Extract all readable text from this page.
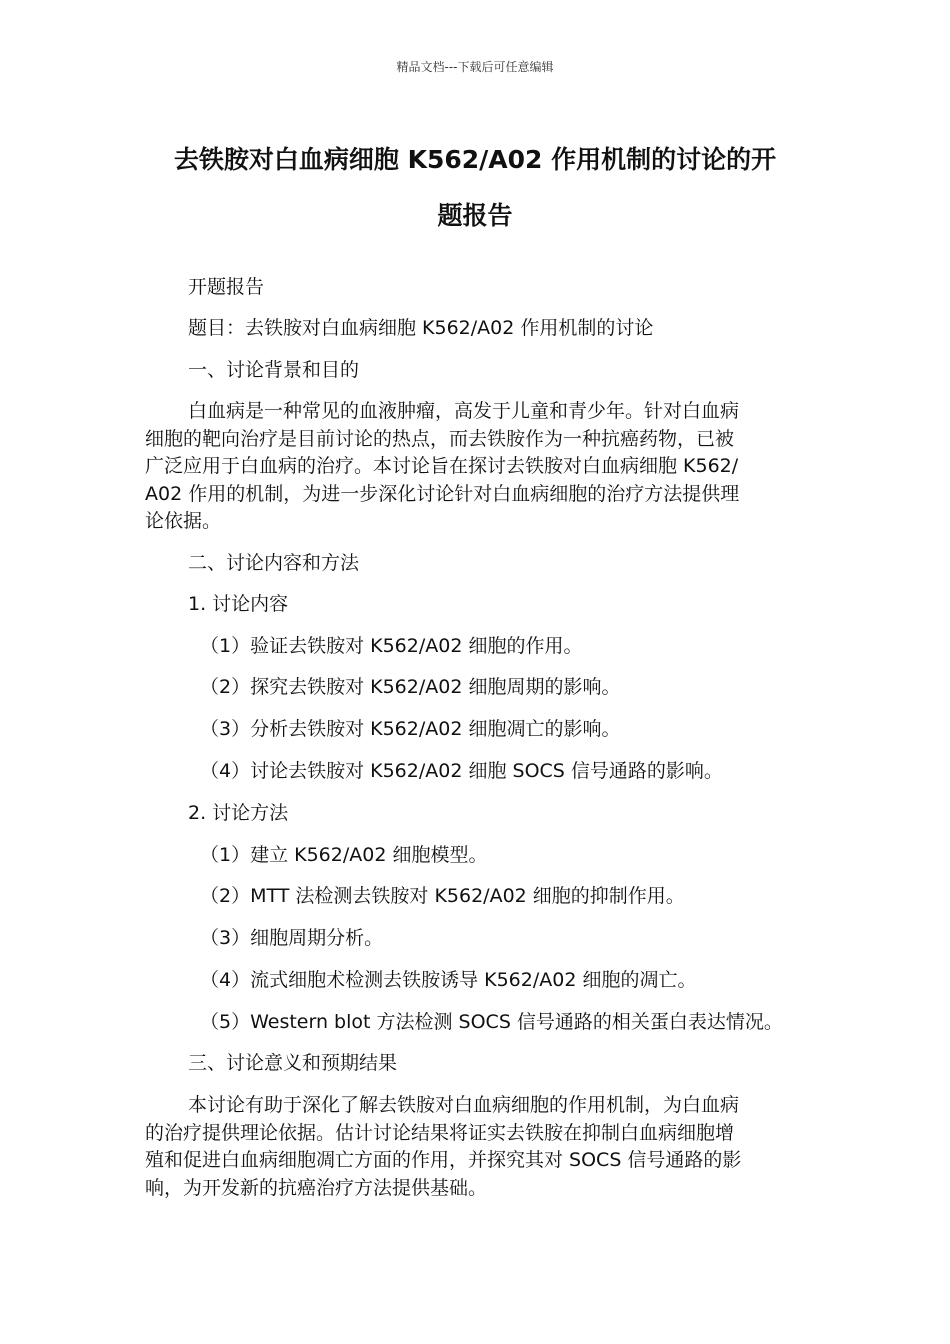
精品文档---下载后可任意编辑
去铁胺对白血病细胞 K562/A02 作用机制的讨论的开
题报告
开题报告
题目：去铁胺对白血病细胞 K562/A02 作用机制的讨论
一、讨论背景和目的
白血病是一种常见的血液肿瘤，高发于儿童和青少年。针对白血病
细胞的靶向治疗是目前讨论的热点，而去铁胺作为一种抗癌药物，已被
广泛应用于白血病的治疗。本讨论旨在探讨去铁胺对白血病细胞 K562/
A02 作用的机制，为进一步深化讨论针对白血病细胞的治疗方法提供理
论依据。
二、讨论内容和方法
1. 讨论内容
（1）验证去铁胺对 K562/A02 细胞的作用。
（2）探究去铁胺对 K562/A02 细胞周期的影响。
（3）分析去铁胺对 K562/A02 细胞凋亡的影响。
（4）讨论去铁胺对 K562/A02 细胞 SOCS 信号通路的影响。
2. 讨论方法
（1）建立 K562/A02 细胞模型。
（2）MTT 法检测去铁胺对 K562/A02 细胞的抑制作用。
（3）细胞周期分析。
（4）流式细胞术检测去铁胺诱导 K562/A02 细胞的凋亡。
（5）Western blot 方法检测 SOCS 信号通路的相关蛋白表达情况。
三、讨论意义和预期结果
本讨论有助于深化了解去铁胺对白血病细胞的作用机制，为白血病
的治疗提供理论依据。估计讨论结果将证实去铁胺在抑制白血病细胞增
殖和促进白血病细胞凋亡方面的作用，并探究其对 SOCS 信号通路的影
响，为开发新的抗癌治疗方法提供基础。
